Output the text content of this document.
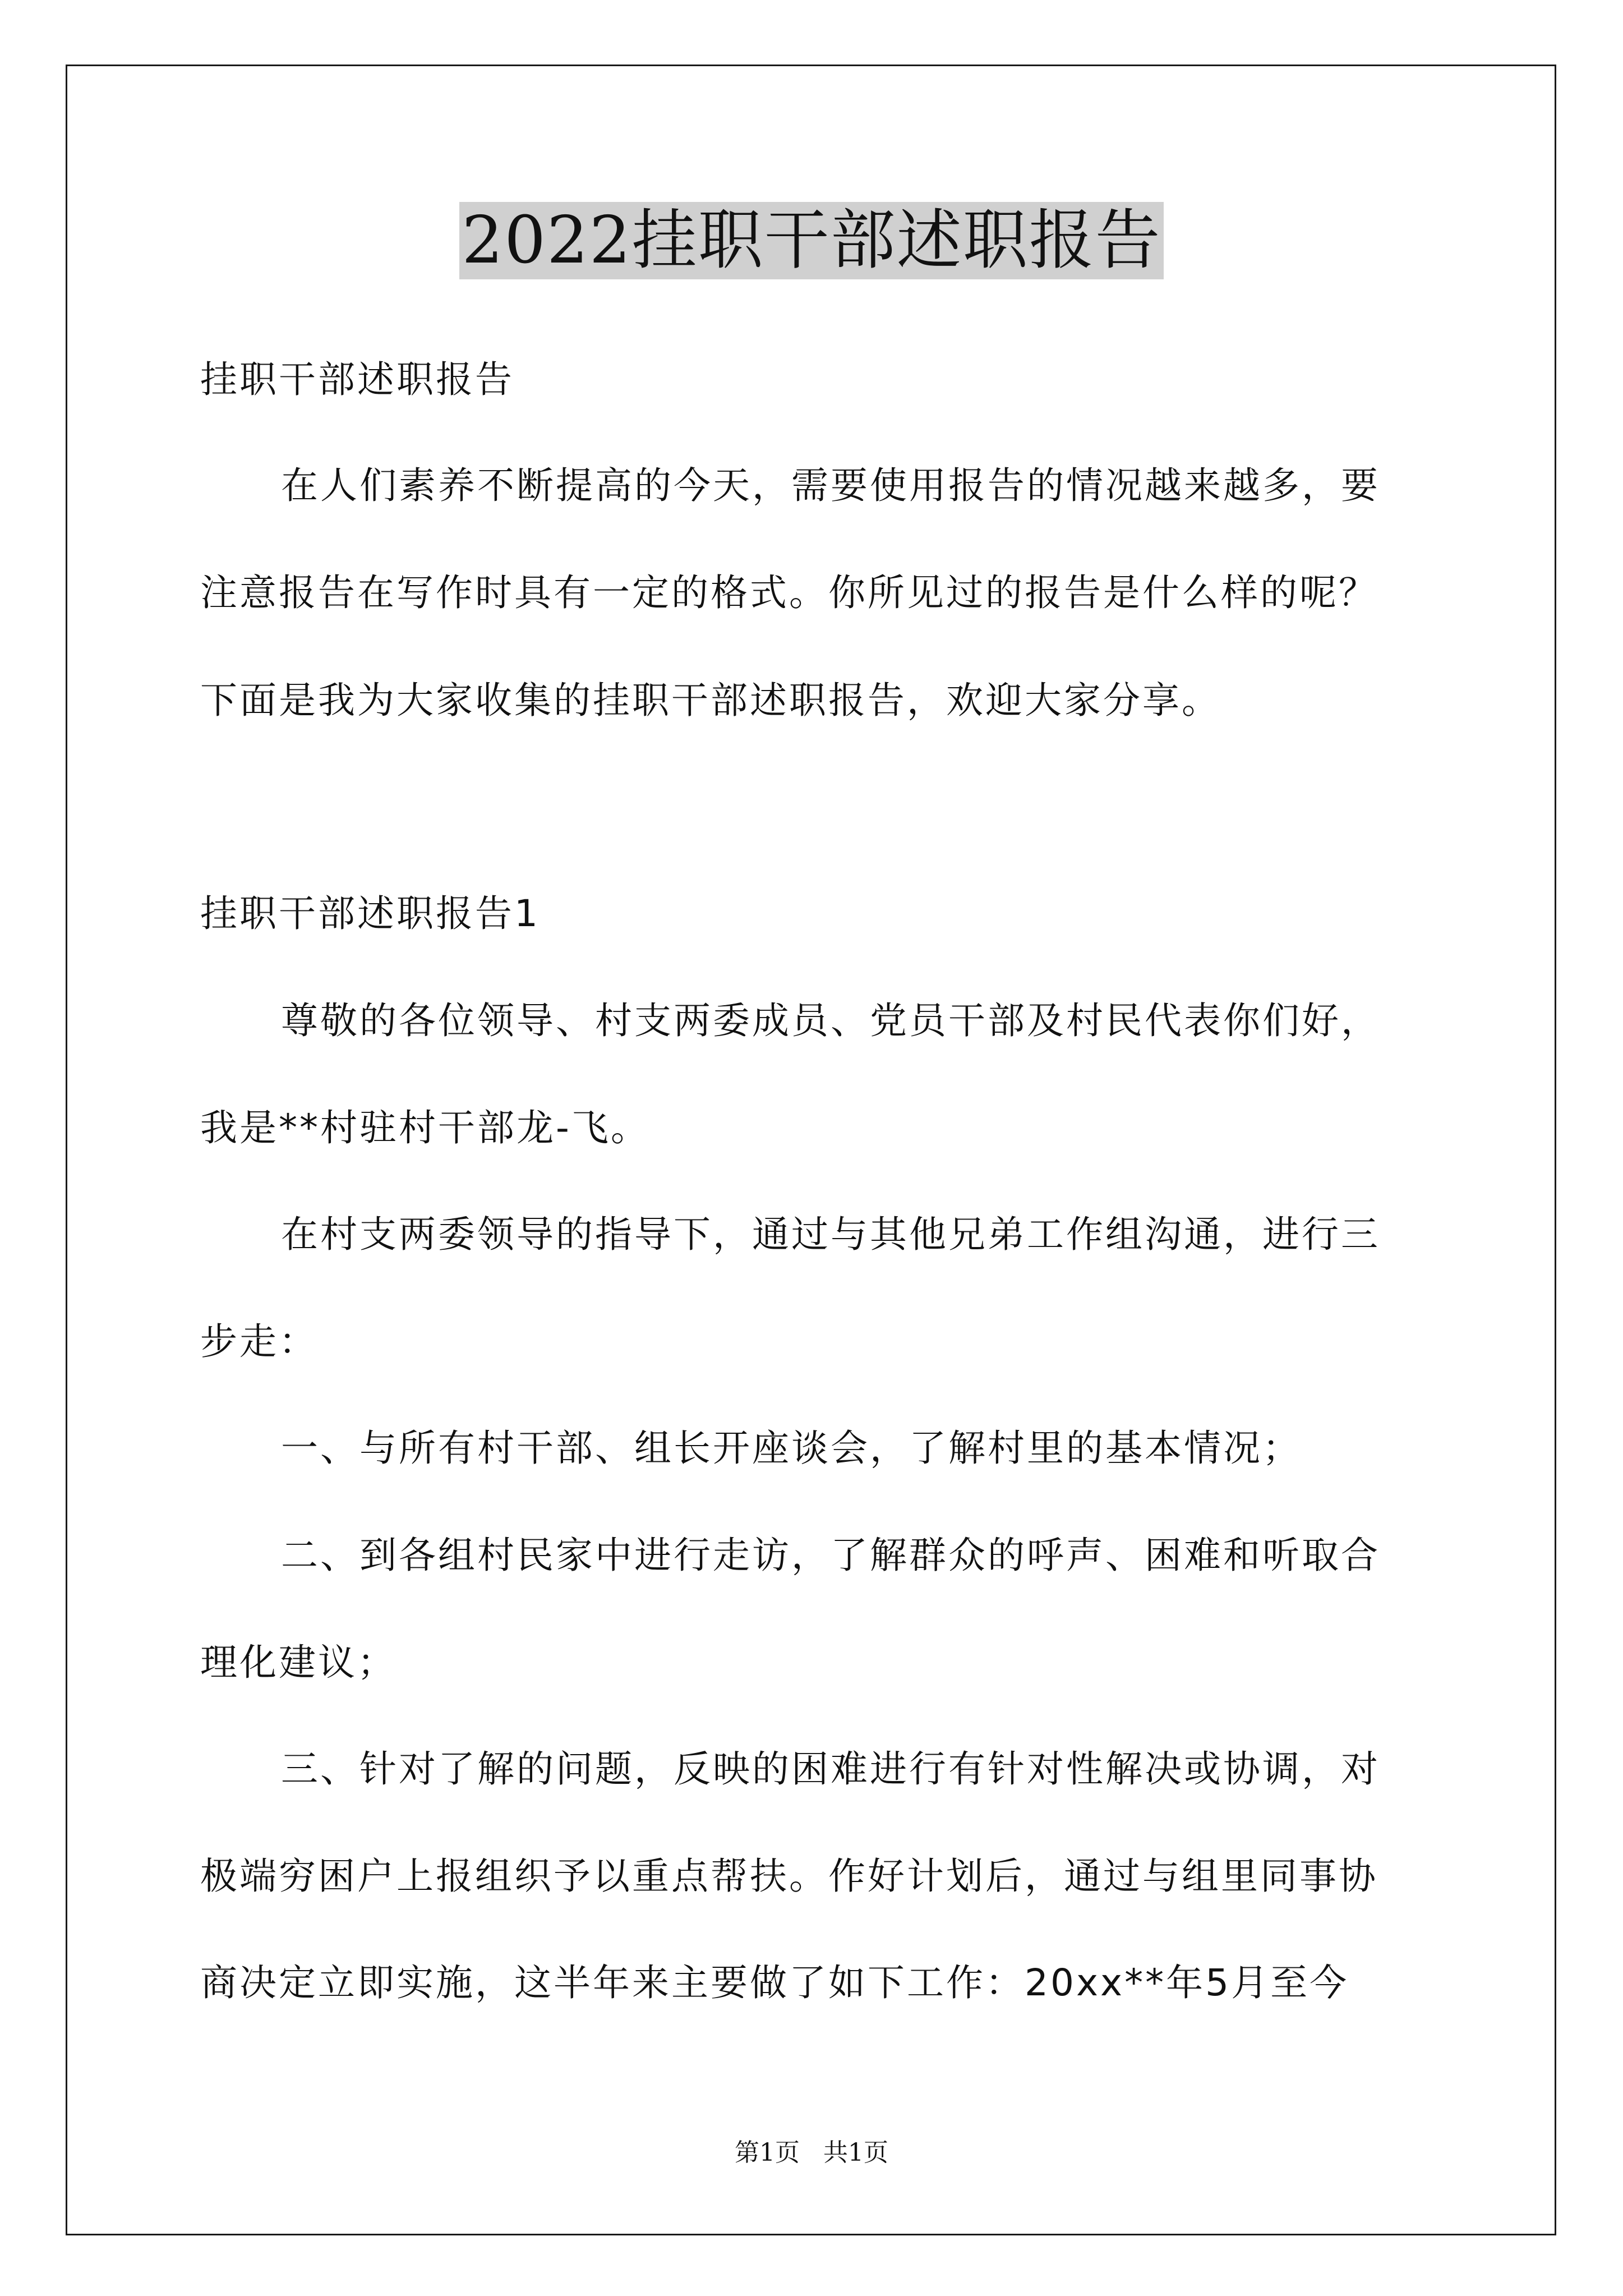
2022挂职干部述职报告
挂职干部述职报告
在人们素养不断提高的今天，需要使用报告的情况越来越多，要
注意报告在写作时具有一定的格式。你所见过的报告是什么样的呢？
下面是我为大家收集的挂职干部述职报告，欢迎大家分享。
挂职干部述职报告1
尊敬的各位领导、村支两委成员、党员干部及村民代表你们好，
我是**村驻村干部龙-飞。
在村支两委领导的指导下，通过与其他兄弟工作组沟通，进行三
步走：
一、与所有村干部、组长开座谈会，了解村里的基本情况；
二、到各组村民家中进行走访，了解群众的呼声、困难和听取合
理化建议；
三、针对了解的问题，反映的困难进行有针对性解决或协调，对
极端穷困户上报组织予以重点帮扶。作好计划后，通过与组里同事协
商决定立即实施，这半年来主要做了如下工作：20xx**年5月至今
第1页   共1页
